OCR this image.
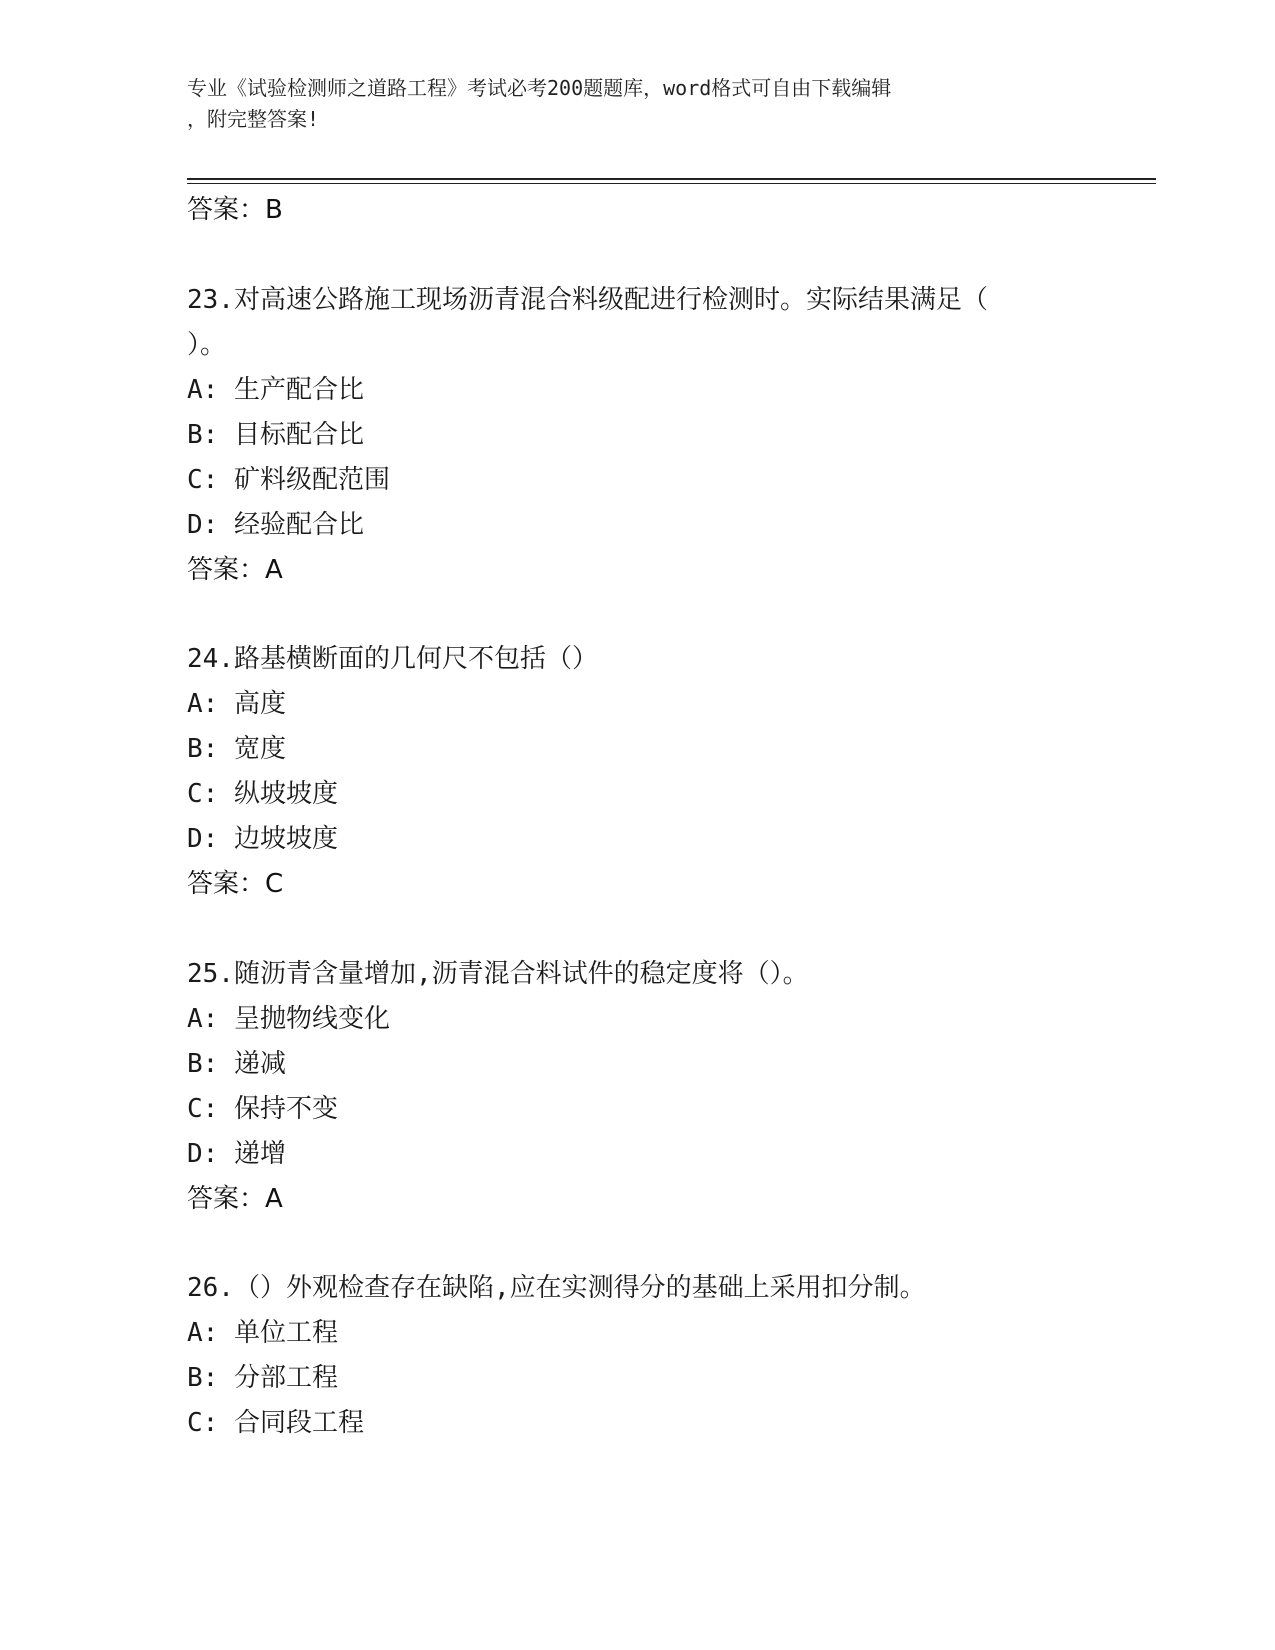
专业《试验检测师之道路工程》考试必考200题题库，word格式可自由下载编辑
，附完整答案!
答案：B
23.对高速公路施工现场沥青混合料级配进行检测时。实际结果满足（
）。
A: 生产配合比
B: 目标配合比
C: 矿料级配范围
D: 经验配合比
答案：A
24.路基横断面的几何尺不包括（）
A: 高度
B: 宽度
C: 纵坡坡度
D: 边坡坡度
答案：C
25.随沥青含量增加,沥青混合料试件的稳定度将（）。
A: 呈抛物线变化
B: 递减
C: 保持不变
D: 递增
答案：A
26.（）外观检查存在缺陷,应在实测得分的基础上采用扣分制。
A: 单位工程
B: 分部工程
C: 合同段工程
